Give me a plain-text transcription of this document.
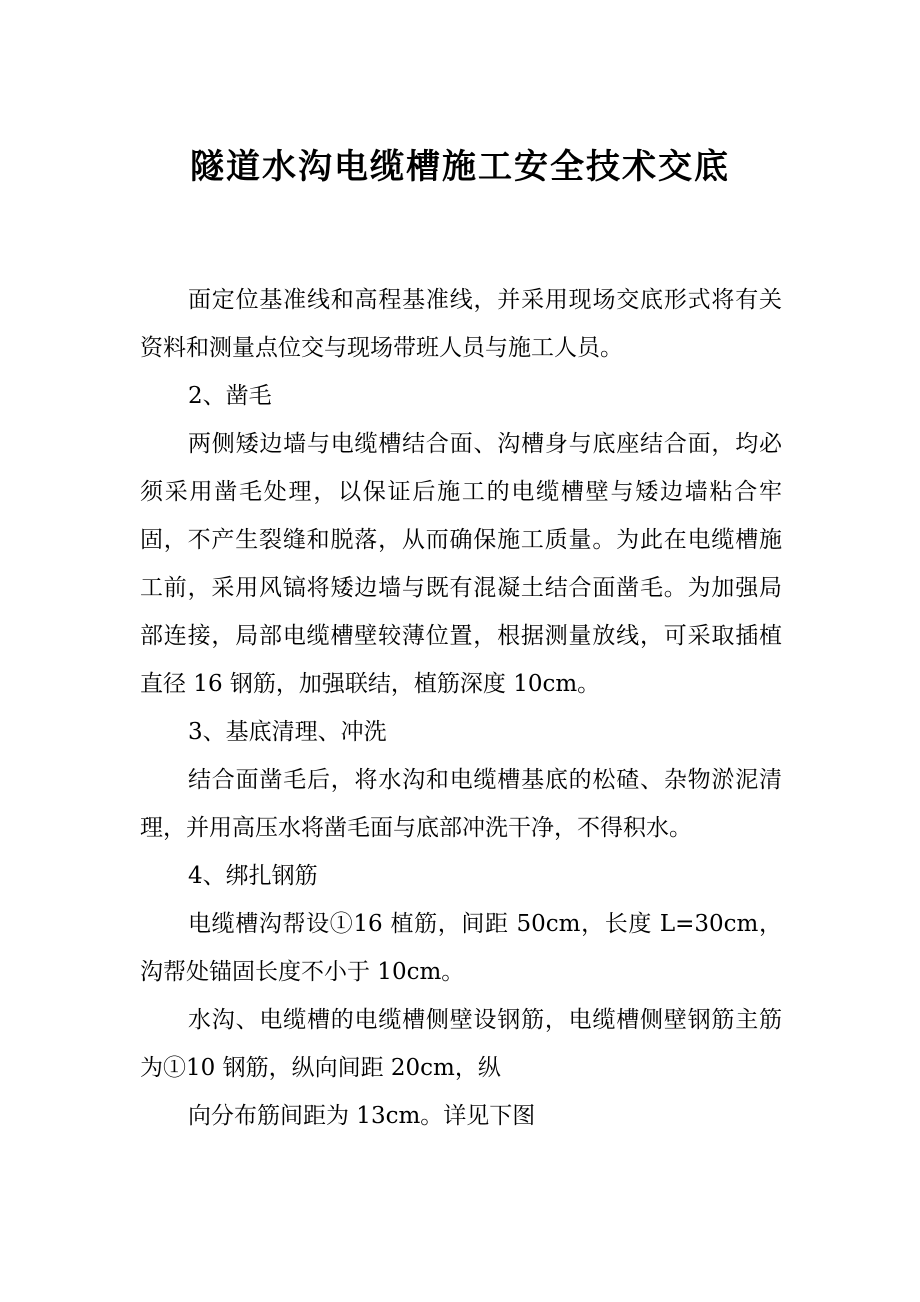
隧道水沟电缆槽施工安全技术交底

面定位基准线和高程基准线，并采用现场交底形式将有关资料和测量点位交与现场带班人员与施工人员。

2、凿毛

两侧矮边墙与电缆槽结合面、沟槽身与底座结合面，均必须采用凿毛处理，以保证后施工的电缆槽壁与矮边墙粘合牢固，不产生裂缝和脱落，从而确保施工质量。为此在电缆槽施工前，采用风镐将矮边墙与既有混凝土结合面凿毛。为加强局部连接，局部电缆槽壁较薄位置，根据测量放线，可采取插植直径 16 钢筋，加强联结，植筋深度 10cm。

3、基底清理、冲洗

结合面凿毛后，将水沟和电缆槽基底的松碴、杂物淤泥清理，并用高压水将凿毛面与底部冲洗干净，不得积水。

4、绑扎钢筋

电缆槽沟帮设①16 植筋，间距 50cm，长度 L=30cm，沟帮处锚固长度不小于 10cm。

水沟、电缆槽的电缆槽侧壁设钢筋，电缆槽侧壁钢筋主筋为①10 钢筋，纵向间距 20cm，纵

向分布筋间距为 13cm。详见下图
